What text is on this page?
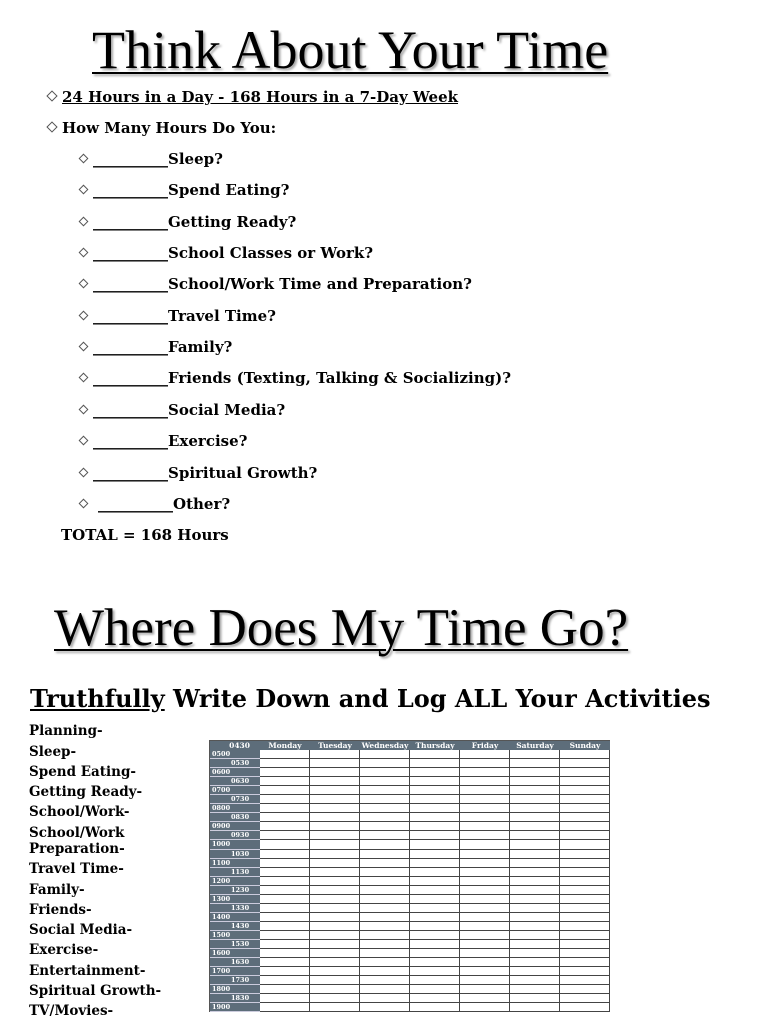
Think About Your Time
24 Hours in a Day - 168 Hours in a 7-Day Week
How Many Hours Do You:
__________Sleep?
__________Spend Eating?
__________Getting Ready?
__________School Classes or Work?
__________School/Work Time and Preparation?
__________Travel Time?
__________Family?
__________Friends (Texting, Talking & Socializing)?
__________Social Media?
__________Exercise?
__________Spiritual Growth?
__________Other?
TOTAL = 168 Hours
Where Does My Time Go?
Truthfully Write Down and Log ALL Your Activities
Planning-
Sleep-
Spend Eating-
Getting Ready-
School/Work-
School/Work
Preparation-
Travel Time-
Family-
Friends-
Social Media-
Exercise-
Entertainment-
Spiritual Growth-
TV/Movies-
0430	Monday	Tuesday	Wednesday Thursday	Friday	Saturday	Sunday
0500
0530
0600
0630
0700
0730
0800
0830
0900
0930
1000
1030
1100
1130
1200
1230
1300
1330
1400
1430
1500
1530
1600
1630
1700
1730
1800
1830
1900
